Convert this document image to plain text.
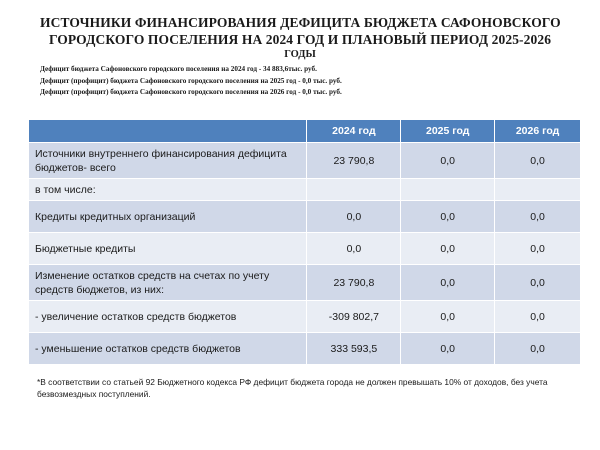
ИСТОЧНИКИ ФИНАНСИРОВАНИЯ ДЕФИЦИТА БЮДЖЕТА САФОНОВСКОГО
ГОРОДСКОГО ПОСЕЛЕНИЯ НА 2024 ГОД И ПЛАНОВЫЙ ПЕРИОД 2025-2026
ГОДЫ
Дефицит бюджета Сафоновского городского поселения на 2024 год - 34 883,6тыс. руб.
Дефицит (профицит) бюджета Сафоновского городского поселения на 2025 год - 0,0 тыс. руб.
Дефицит (профицит) бюджета Сафоновского городского поселения на 2026 год - 0,0 тыс. руб.
	2024 год	2025 год	2026 год
Источники внутреннего финансирования дефицита бюджетов- всего	23 790,8	0,0	0,0
в том числе:			
Кредиты кредитных организаций	0,0	0,0	0,0
Бюджетные кредиты	0,0	0,0	0,0
Изменение остатков средств на счетах по учету средств бюджетов, из них:	23 790,8	0,0	0,0
- увеличение остатков средств бюджетов	-309 802,7	0,0	0,0
- уменьшение остатков средств бюджетов	333 593,5	0,0	0,0
*В соответствии со статьей 92 Бюджетного кодекса РФ дефицит бюджета города не должен превышать 10% от доходов, без учета безвозмездных поступлений.
